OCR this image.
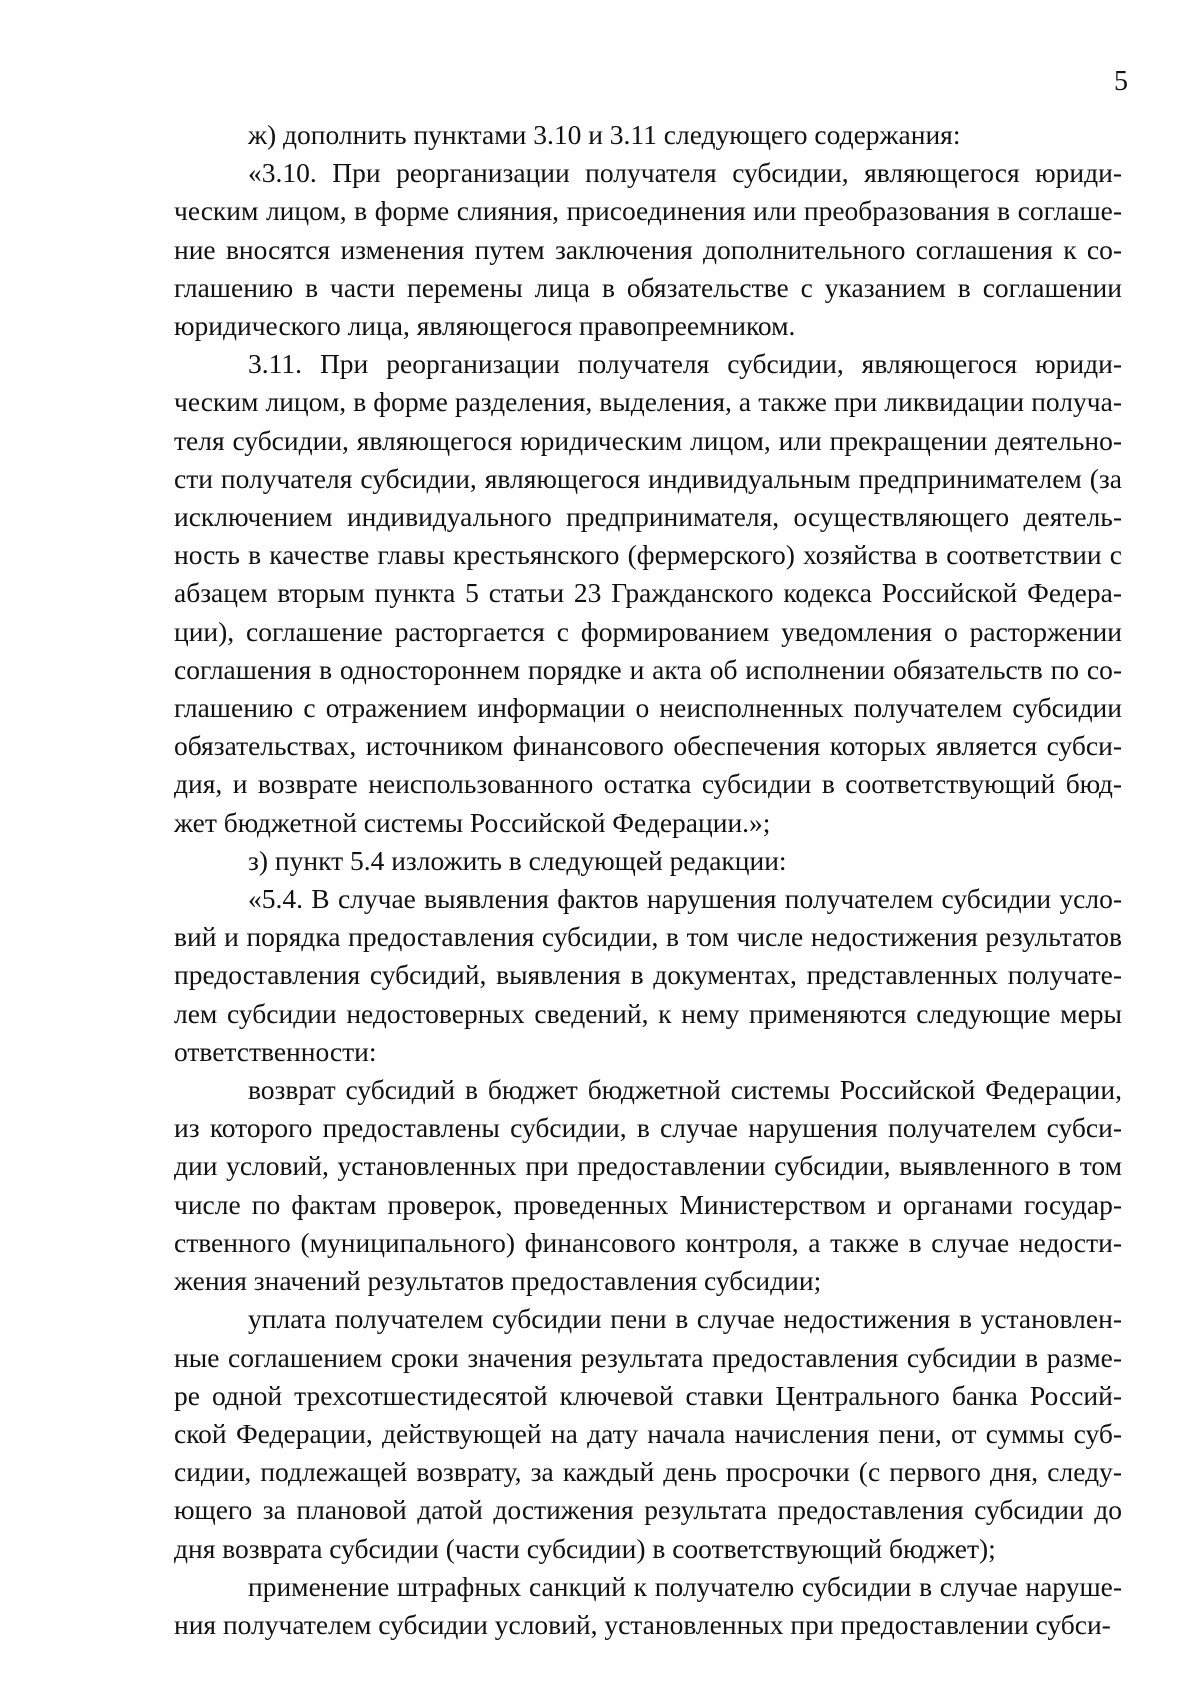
5

ж) дополнить пунктами 3.10 и 3.11 следующего содержания:

«3.10. При реорганизации получателя субсидии, являющегося юридическим лицом, в форме слияния, присоединения или преобразования в соглашение вносятся изменения путем заключения дополнительного соглашения к соглашению в части перемены лица в обязательстве с указанием в соглашении юридического лица, являющегося правопреемником.

3.11. При реорганизации получателя субсидии, являющегося юридическим лицом, в форме разделения, выделения, а также при ликвидации получателя субсидии, являющегося юридическим лицом, или прекращении деятельности получателя субсидии, являющегося индивидуальным предпринимателем (за исключением индивидуального предпринимателя, осуществляющего деятельность в качестве главы крестьянского (фермерского) хозяйства в соответствии с абзацем вторым пункта 5 статьи 23 Гражданского кодекса Российской Федерации), соглашение расторгается с формированием уведомления о расторжении соглашения в одностороннем порядке и акта об исполнении обязательств по соглашению с отражением информации о неисполненных получателем субсидии обязательствах, источником финансового обеспечения которых является субсидия, и возврате неиспользованного остатка субсидии в соответствующий бюджет бюджетной системы Российской Федерации.»;

з) пункт 5.4 изложить в следующей редакции:

«5.4. В случае выявления фактов нарушения получателем субсидии условий и порядка предоставления субсидии, в том числе недостижения результатов предоставления субсидий, выявления в документах, представленных получателем субсидии недостоверных сведений, к нему применяются следующие меры ответственности:

возврат субсидий в бюджет бюджетной системы Российской Федерации, из которого предоставлены субсидии, в случае нарушения получателем субсидии условий, установленных при предоставлении субсидии, выявленного в том числе по фактам проверок, проведенных Министерством и органами государственного (муниципального) финансового контроля, а также в случае недостижения значений результатов предоставления субсидии;

уплата получателем субсидии пени в случае недостижения в установленные соглашением сроки значения результата предоставления субсидии в размере одной трехсотшестидесятой ключевой ставки Центрального банка Российской Федерации, действующей на дату начала начисления пени, от суммы субсидии, подлежащей возврату, за каждый день просрочки (с первого дня, следующего за плановой датой достижения результата предоставления субсидии до дня возврата субсидии (части субсидии) в соответствующий бюджет);

применение штрафных санкций к получателю субсидии в случае нарушения получателем субсидии условий, установленных при предоставлении субси-
